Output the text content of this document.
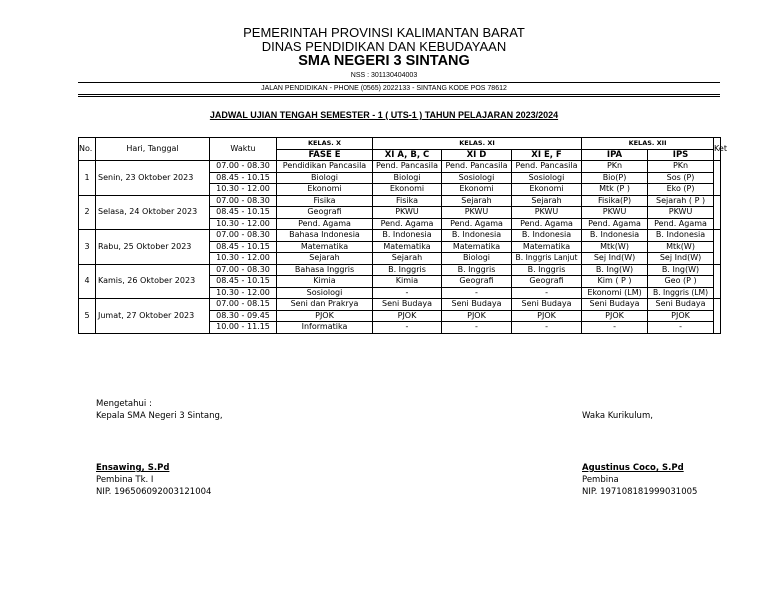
PEMERINTAH PROVINSI KALIMANTAN BARAT
DINAS PENDIDIKAN DAN KEBUDAYAAN
SMA NEGERI 3 SINTANG
NSS : 301130404003
JALAN PENDIDIKAN - PHONE (0565) 2022133 - SINTANG KODE POS 78612
JADWAL UJIAN TENGAH SEMESTER - 1 ( UTS-1 ) TAHUN PELAJARAN 2023/2024
No.	Hari, Tanggal	Waktu	KELAS. X	KELAS. XI			KELAS. XII		Ket
			FASE E	XI A, B, C	XI D	XI E, F	IPA	IPS	
1	Senin, 23 Oktober 2023	07.00 - 08.30	Pendidikan Pancasila	Pend. Pancasila	Pend. Pancasila	Pend. Pancasila	PKn	PKn	
		08.45 - 10.15	Biologi	Biologi	Sosiologi	Sosiologi	Bio(P)	Sos (P)	
		10.30 - 12.00	Ekonomi	Ekonomi	Ekonomi	Ekonomi	Mtk (P )	Eko (P)	
2	Selasa, 24 Oktober 2023	07.00 - 08.30	Fisika	Fisika	Sejarah	Sejarah	Fisika(P)	Sejarah ( P )	
		08.45 - 10.15	Geografi	PKWU	PKWU	PKWU	PKWU	PKWU	
		10.30 - 12.00	Pend. Agama	Pend. Agama	Pend. Agama	Pend. Agama	Pend. Agama	Pend. Agama	
3	Rabu, 25 Oktober 2023	07.00 - 08.30	Bahasa Indonesia	B. Indonesia	B. Indonesia	B. Indonesia	B. Indonesia	B. Indonesia	
		08.45 - 10.15	Matematika	Matematika	Matematika	Matematika	Mtk(W)	Mtk(W)	
		10.30 - 12.00	Sejarah	Sejarah	Biologi	B. Inggris Lanjut	Sej Ind(W)	Sej Ind(W)	
4	Kamis, 26 Oktober 2023	07.00 - 08.30	Bahasa Inggris	B. Inggris	B. Inggris	B. Inggris	B. Ing(W)	B. Ing(W)	
		08.45 - 10.15	Kimia	Kimia	Geografi	Geografi	Kim ( P )	Geo (P )	
		10.30 - 12.00	Sosiologi	-	-	-	Ekonomi (LM)	B. Inggris (LM)	
5	Jumat, 27 Oktober 2023	07.00 - 08.15	Seni dan Prakrya	Seni Budaya	Seni Budaya	Seni Budaya	Seni Budaya	Seni Budaya	
		08.30 - 09.45	PJOK	PJOK	PJOK	PJOK	PJOK	PJOK	
		10.00 - 11.15	Informatika	-	-	-	-	-	
Mengetahui :
Kepala SMA Negeri 3 Sintang,
Ensawing, S.Pd
Pembina Tk. I
NIP. 196506092003121004
Waka Kurikulum,
Agustinus Coco, S.Pd
Pembina
NIP. 197108181999031005
